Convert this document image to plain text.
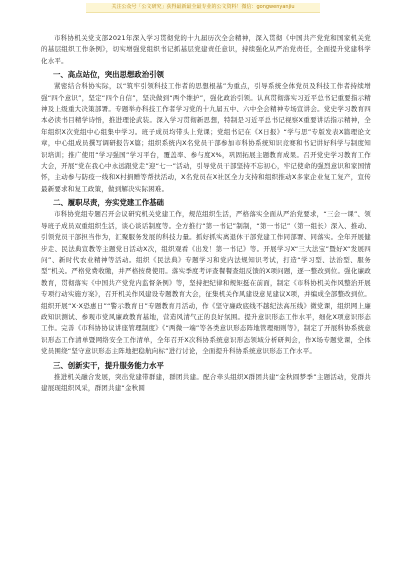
关注公众号「公文研究」获得最新最全最专业的公文资料！微信：gongwenyanjiu

市科协机关党支部2021年深入学习贯彻党的十九届历次全会精神，深入贯彻《中国共产党党和国家机关党的基层组织工作条例》，切实增强党组织书记抓基层党建责任意识，持续强化从严治党责任，全面提升党建科学化水平。

一、高点站位，突出思想政治引领

紧密结合科协实际，以“筑牢引领科技工作者的思想根基”为重点，引导系统全体党员及科技工作者持续增强“四个意识”，坚定“四个自信”，坚决做到“两个维护”，强化政治引领。认真贯彻落实习近平总书记重要指示精神及上级重大决策部署。专题举办科技工作者学习党的十九届五中、六中全会精神专场宣讲会。党史学习教育四本必读书目精学诗悟，推进理论武装。深入学习贯彻新思想，特制是习近平总书记视察X重要讲话指示精神，全年组织X次党组中心组集中学习。班子成员均带头上党课；党组书记在《X日报》“学与思”专版发表X篇理论文章，中心组成员撰写调研报告X篇；组织系统内X名党员干部参加市科协系统知识竞赛和书记讲好科学与制度知识培训；推广使用“学习强国”学习平台，覆盖率、参与度X%，巩固拓展主题教育成果。召开党史学习教育工作大会，开展“党在我心中永远跟党走”迎“七一”活动，引导党员干部坚持不忘初心，牢记使命的强烈意识和家国情怀，主动参与防疫一线和X村捐赠等帮扶活动，X名党员在X社区全力支持和组织推动X多家企业复工复产，宣传最新要求和复工政策，做到解决实际困难。

二、履职尽责，夯实党建工作基础

市科协党组专题召开会议研究机关党建工作，规范组织生活，严格落实全面从严治党要求，“三会一课”、领导班子成员双重组织生活，谈心谈话制度等。全方推行“第一书记”制制，“第一书记”（第一组长）深入、推动、引领党员干部担当作为，汇聚服务发展的科技力量。抓好抓实离退休干部党建工作同部署、同落实。全年开展健步走、民法典宣教等主题党日活动X次，组织观看《出发！第一书记》等。开展学习X“三大法宝”暨好X“发展四问”、新时代农业精神等活动。组织《民法典》专题学习和党内法规知识考试，打造“学习型、法治型、服务型”机关。严格党费收缴，并严格按费使用。落实季度考评查餐餐查组反馈的X项问题，逐一整改到位。强化廉政教育，贯彻落实《中国共产党党内监督条例》等，坚持把纪律和规矩挺在前面，制定《市科协机关作风整治开展专项行动实施方案》，召开机关作风建设专题教育大会，征集机关作风建设意见建议X项，并编成全部整改到位。组织开展“X·X恐惠日”“警示教育日”专题教育月活动，作《坚守廉政底线不越纪法高压线》微党课，组织网上廉政知识测试、参观市党风廉政教育基地，营造风清气正的良好氛围。提升意识形态工作水平，细化X项意识形态工作。完善《市科协协议讲座管理制度》《“两微一端”等各类意识形态阵地管理细则等》，制定了开展科协系统意识形态工作清单暨网络安全工作清单，全年召开X次科协系统意识形态领域分析研判会，作X场专题党课，全体党员围绕“坚守意识形态主阵地把稳航向标”进行讨论，全面提升科协系统意识形态工作水平。

三、创新实干，提升服务能力水平

推进机关融合发展，突出党建带群建，群团共建。配合牵头组织X群团共建“金秋圆梦季”主题活动，党群共建展现组织风采，群团共建“金秋圆
